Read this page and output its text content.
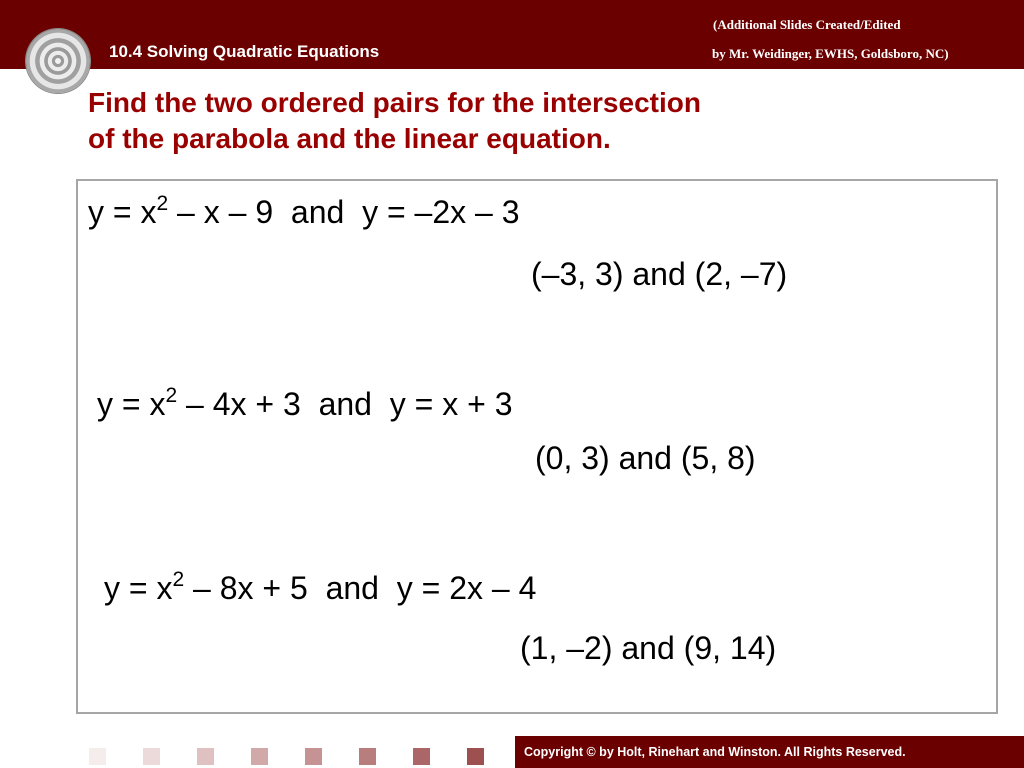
10.4 Solving Quadratic Equations
(Additional Slides Created/Edited
by Mr. Weidinger, EWHS, Goldsboro, NC)
Find the two ordered pairs for the intersection
of the parabola and the linear equation.
$y = x^2 - x - 9$  and  y = –2x – 3
(–3, 3) and (2, –7)
$y = x^2 - 4x + 3$  and  y = x + 3
(0, 3) and (5, 8)
$y = x^2 - 8x + 5$  and  y = 2x – 4
(1, –2) and (9, 14)
Copyright © by Holt, Rinehart and Winston. All Rights Reserved.
